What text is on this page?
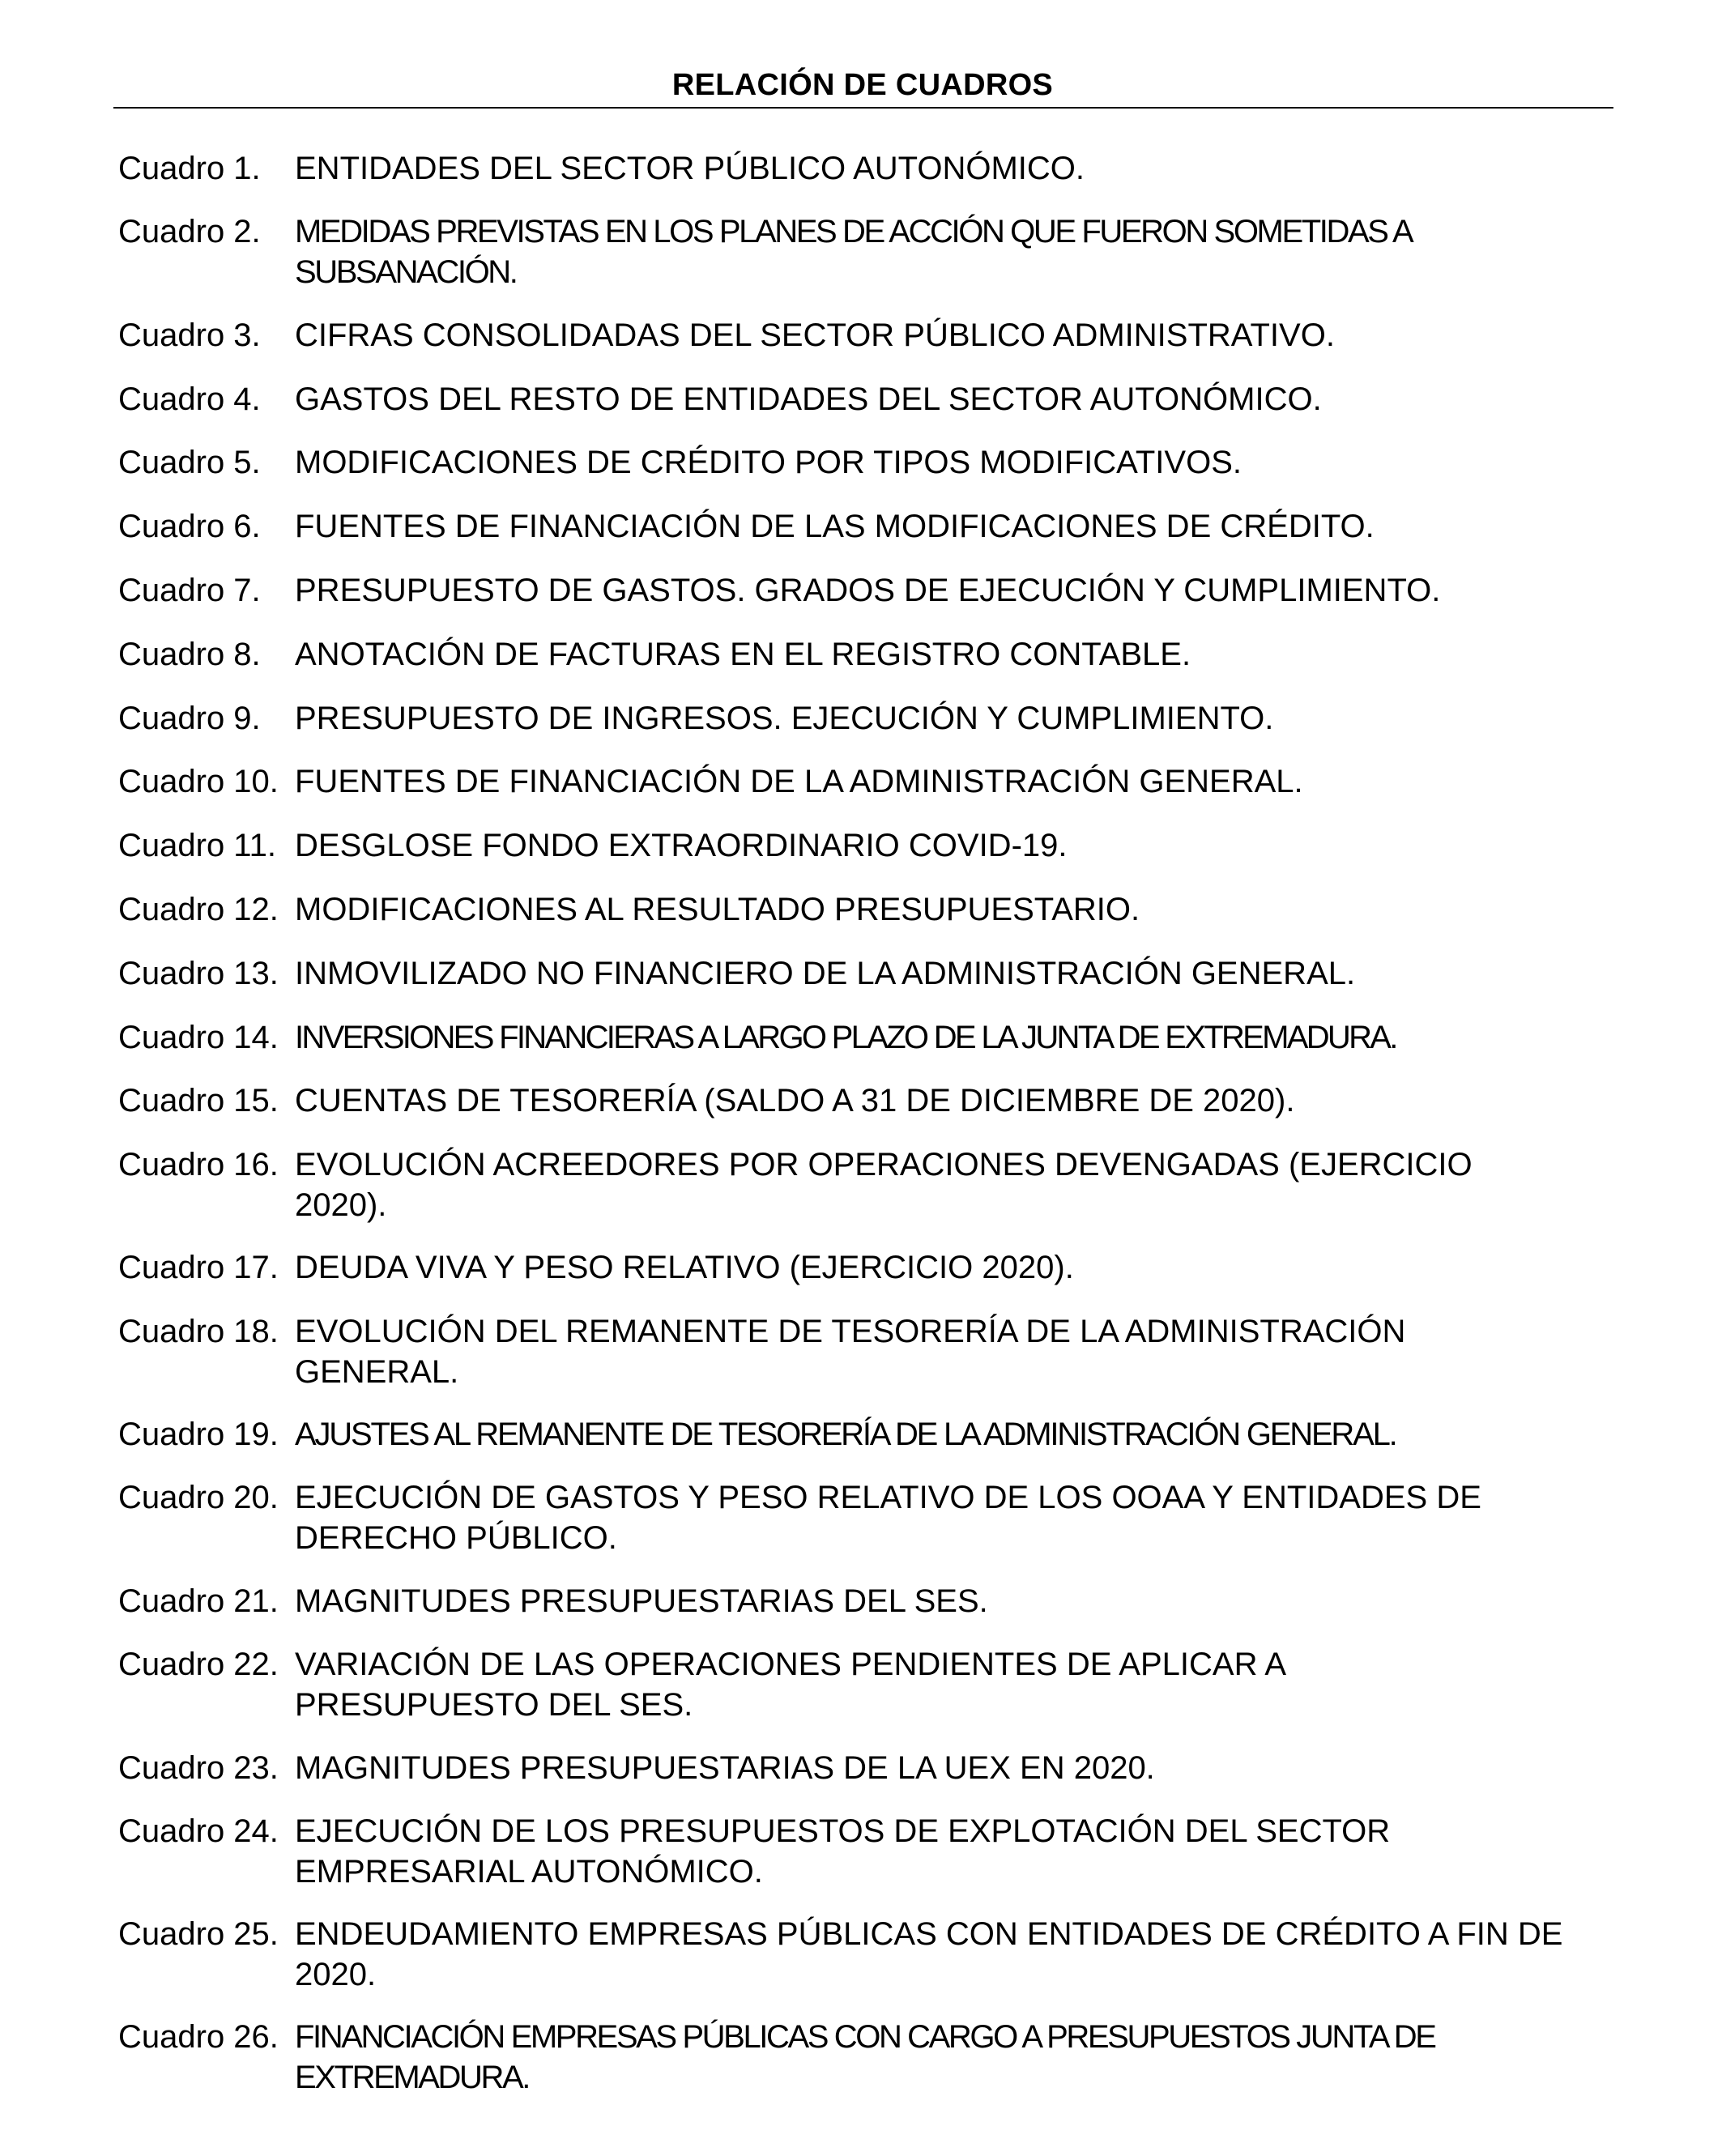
RELACIÓN DE CUADROS
Cuadro 1. ENTIDADES DEL SECTOR PÚBLICO AUTONÓMICO.
Cuadro 2. MEDIDAS PREVISTAS EN LOS PLANES DE ACCIÓN QUE FUERON SOMETIDAS A SUBSANACIÓN.
Cuadro 3. CIFRAS CONSOLIDADAS DEL SECTOR PÚBLICO ADMINISTRATIVO.
Cuadro 4. GASTOS DEL RESTO DE ENTIDADES DEL SECTOR AUTONÓMICO.
Cuadro 5. MODIFICACIONES DE CRÉDITO POR TIPOS MODIFICATIVOS.
Cuadro 6. FUENTES DE FINANCIACIÓN DE LAS MODIFICACIONES DE CRÉDITO.
Cuadro 7. PRESUPUESTO DE GASTOS. GRADOS DE EJECUCIÓN Y CUMPLIMIENTO.
Cuadro 8. ANOTACIÓN DE FACTURAS EN EL REGISTRO CONTABLE.
Cuadro 9. PRESUPUESTO DE INGRESOS. EJECUCIÓN Y CUMPLIMIENTO.
Cuadro 10. FUENTES DE FINANCIACIÓN DE LA ADMINISTRACIÓN GENERAL.
Cuadro 11. DESGLOSE FONDO EXTRAORDINARIO COVID-19.
Cuadro 12. MODIFICACIONES AL RESULTADO PRESUPUESTARIO.
Cuadro 13. INMOVILIZADO NO FINANCIERO DE LA ADMINISTRACIÓN GENERAL.
Cuadro 14. INVERSIONES FINANCIERAS A LARGO PLAZO DE LA JUNTA DE EXTREMADURA.
Cuadro 15. CUENTAS DE TESORERÍA (SALDO A 31 DE DICIEMBRE DE 2020).
Cuadro 16. EVOLUCIÓN ACREEDORES POR OPERACIONES DEVENGADAS (EJERCICIO 2020).
Cuadro 17. DEUDA VIVA Y PESO RELATIVO (EJERCICIO 2020).
Cuadro 18. EVOLUCIÓN DEL REMANENTE DE TESORERÍA DE LA ADMINISTRACIÓN GENERAL.
Cuadro 19. AJUSTES AL REMANENTE DE TESORERÍA DE LA ADMINISTRACIÓN GENERAL.
Cuadro 20. EJECUCIÓN DE GASTOS Y PESO RELATIVO DE LOS OOAA Y ENTIDADES DE DERECHO PÚBLICO.
Cuadro 21. MAGNITUDES PRESUPUESTARIAS DEL SES.
Cuadro 22. VARIACIÓN DE LAS OPERACIONES PENDIENTES DE APLICAR A PRESUPUESTO DEL SES.
Cuadro 23. MAGNITUDES PRESUPUESTARIAS DE LA UEX EN 2020.
Cuadro 24. EJECUCIÓN DE LOS PRESUPUESTOS DE EXPLOTACIÓN DEL SECTOR EMPRESARIAL AUTONÓMICO.
Cuadro 25. ENDEUDAMIENTO EMPRESAS PÚBLICAS CON ENTIDADES DE CRÉDITO A FIN DE 2020.
Cuadro 26. FINANCIACIÓN EMPRESAS PÚBLICAS CON CARGO A PRESUPUESTOS JUNTA DE EXTREMADURA.
